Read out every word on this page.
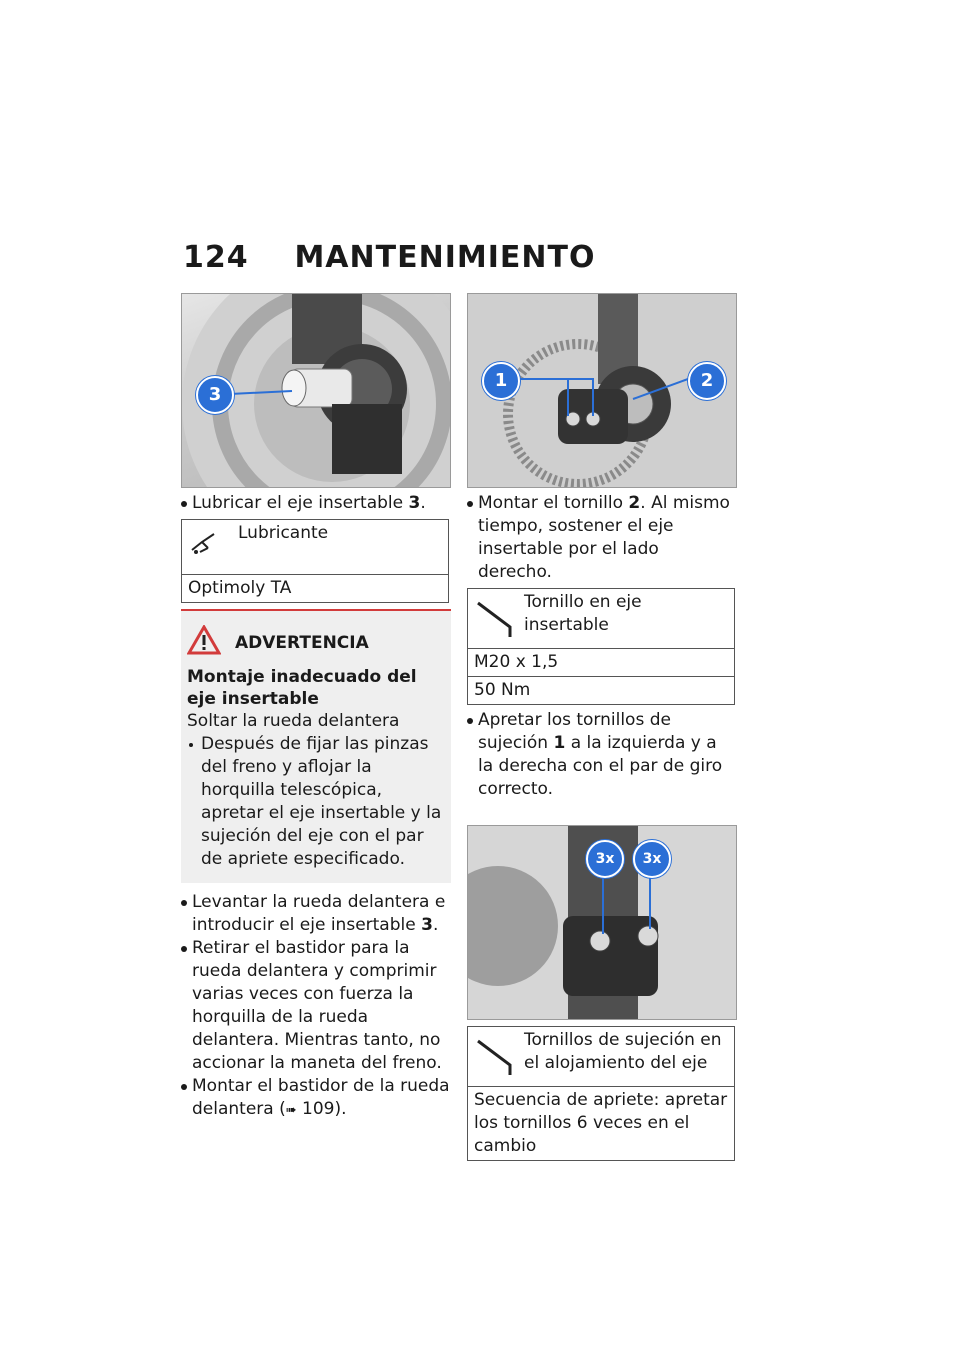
124 MANTENIMIENTO
3
Lubricar el eje insertable 3.
Lubricante

Optimoly TA
ADVERTENCIA
Montaje inadecuado del eje insertable
Soltar la rueda delantera
Después de fijar las pinzas del freno y aflojar la horquilla telescópica, apretar el eje insertable y la sujeción del eje con el par de apriete especificado.
Levantar la rueda delantera e introducir el eje insertable 3.
Retirar el bastidor para la rueda delantera y comprimir varias veces con fuerza la horquilla de la rueda delantera. Mientras tanto, no accionar la maneta del freno.
Montar el bastidor de la rueda delantera (➠ 109).
1	2
Montar el tornillo 2. Al mismo tiempo, sostener el eje insertable por el lado derecho.
Tornillo en eje insertable

M20 x 1,5
50 Nm
Apretar los tornillos de sujeción 1 a la izquierda y a la derecha con el par de giro correcto.
3x	3x
Tornillos de sujeción en el alojamiento del eje

Secuencia de apriete: apretar los tornillos 6 veces en el cambio
